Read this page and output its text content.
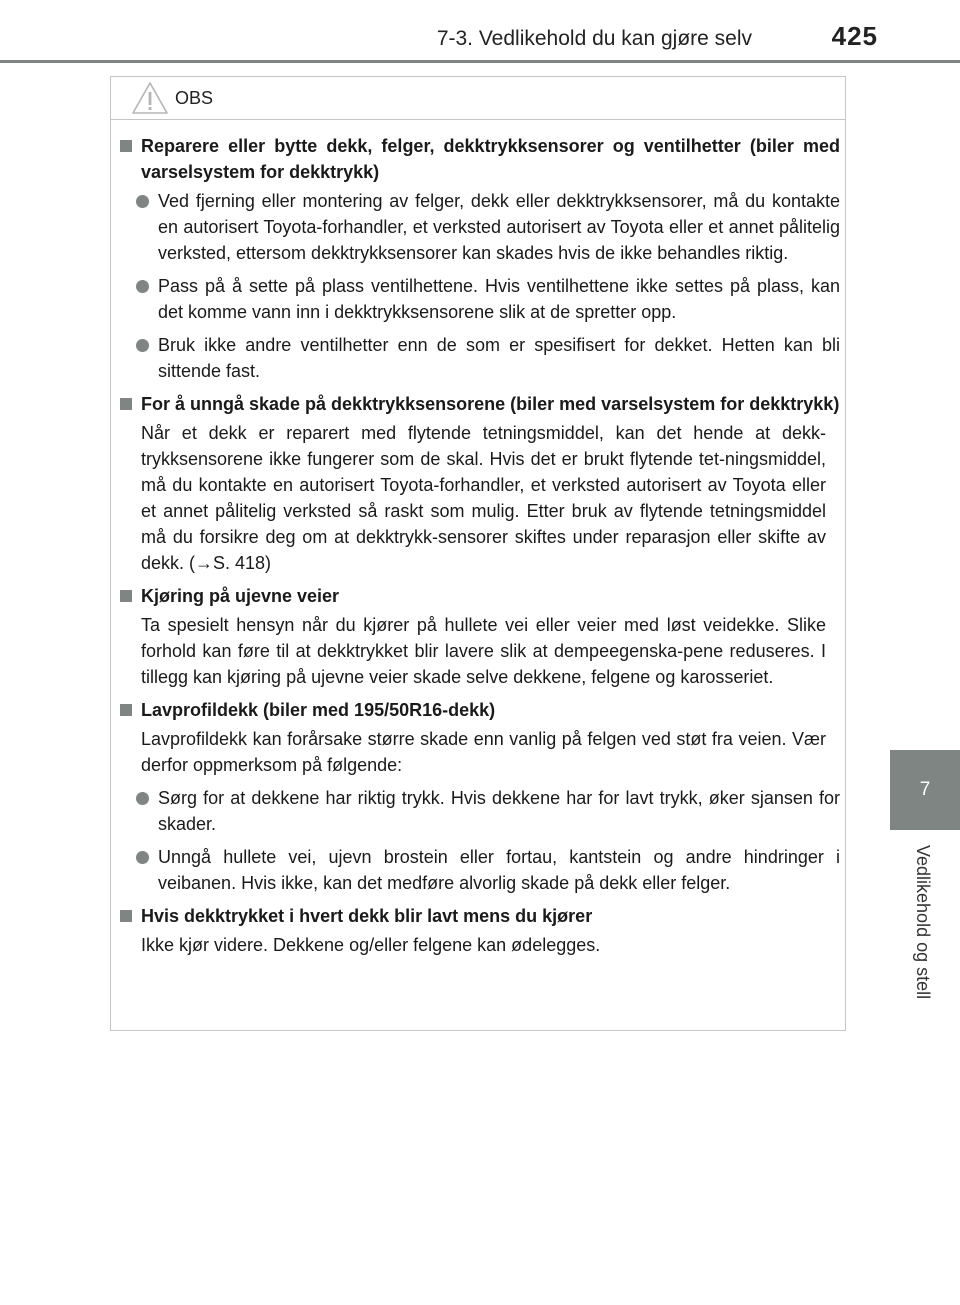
7-3. Vedlikehold du kan gjøre selv	425
7
Vedlikehold og stell
OBS
Reparere eller bytte dekk, felger, dekktrykksensorer og ventilhetter (biler med varselsystem for dekktrykk)
Ved fjerning eller montering av felger, dekk eller dekktrykksensorer, må du kontakte en autorisert Toyota-forhandler, et verksted autorisert av Toyota eller et annet pålitelig verksted, ettersom dekktrykksensorer kan skades hvis de ikke behandles riktig.
Pass på å sette på plass ventilhettene. Hvis ventilhettene ikke settes på plass, kan det komme vann inn i dekktrykksensorene slik at de spretter opp.
Bruk ikke andre ventilhetter enn de som er spesifisert for dekket. Hetten kan bli sittende fast.
For å unngå skade på dekktrykksensorene (biler med varselsystem for dekktrykk)
Når et dekk er reparert med flytende tetningsmiddel, kan det hende at dekk-trykksensorene ikke fungerer som de skal. Hvis det er brukt flytende tet-ningsmiddel, må du kontakte en autorisert Toyota-forhandler, et verksted autorisert av Toyota eller et annet pålitelig verksted så raskt som mulig. Etter bruk av flytende tetningsmiddel må du forsikre deg om at dekktrykk-sensorer skiftes under reparasjon eller skifte av dekk. (→S. 418)
Kjøring på ujevne veier
Ta spesielt hensyn når du kjører på hullete vei eller veier med løst veidekke. Slike forhold kan føre til at dekktrykket blir lavere slik at dempeegenska-pene reduseres. I tillegg kan kjøring på ujevne veier skade selve dekkene, felgene og karosseriet.
Lavprofildekk (biler med 195/50R16-dekk)
Lavprofildekk kan forårsake større skade enn vanlig på felgen ved støt fra veien. Vær derfor oppmerksom på følgende:
Sørg for at dekkene har riktig trykk. Hvis dekkene har for lavt trykk, øker sjansen for skader.
Unngå hullete vei, ujevn brostein eller fortau, kantstein og andre hindringer i veibanen. Hvis ikke, kan det medføre alvorlig skade på dekk eller felger.
Hvis dekktrykket i hvert dekk blir lavt mens du kjører
Ikke kjør videre. Dekkene og/eller felgene kan ødelegges.
